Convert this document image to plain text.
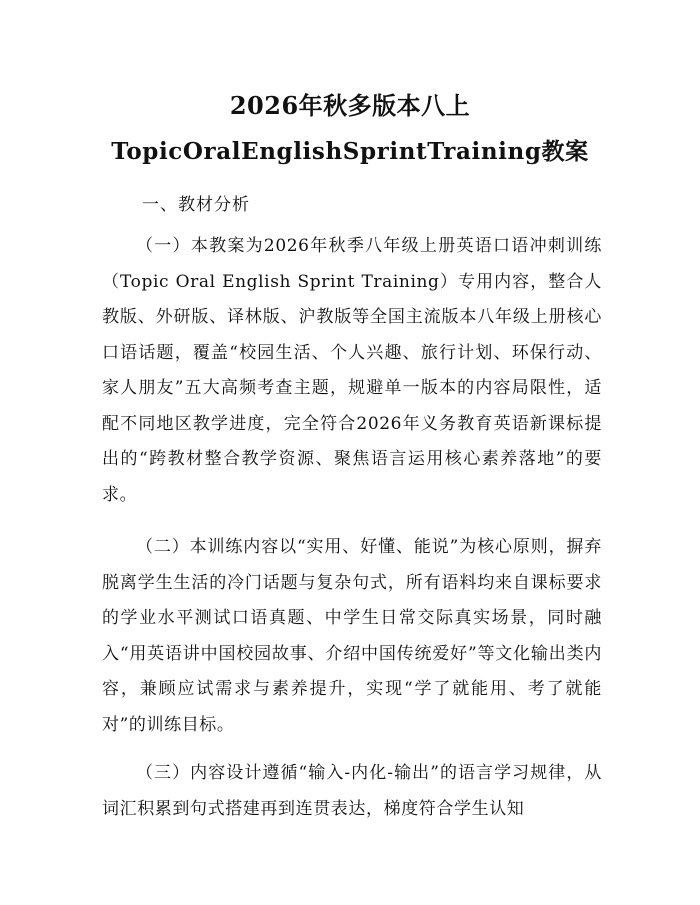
2026年秋多版本八上
TopicOralEnglishSprintTraining教案
一、教材分析
（一）本教案为2026年秋季八年级上册英语口语冲刺训练（Topic Oral English Sprint Training）专用内容，整合人教版、外研版、译林版、沪教版等全国主流版本八年级上册核心口语话题，覆盖“校园生活、个人兴趣、旅行计划、环保行动、家人朋友”五大高频考查主题，规避单一版本的内容局限性，适配不同地区教学进度，完全符合2026年义务教育英语新课标提出的“跨教材整合教学资源、聚焦语言运用核心素养落地”的要求。
（二）本训练内容以“实用、好懂、能说”为核心原则，摒弃脱离学生生活的冷门话题与复杂句式，所有语料均来自课标要求的学业水平测试口语真题、中学生日常交际真实场景，同时融入“用英语讲中国校园故事、介绍中国传统爱好”等文化输出类内容，兼顾应试需求与素养提升，实现“学了就能用、考了就能对”的训练目标。
（三）内容设计遵循“输入-内化-输出”的语言学习规律，从词汇积累到句式搭建再到连贯表达，梯度符合学生认知
